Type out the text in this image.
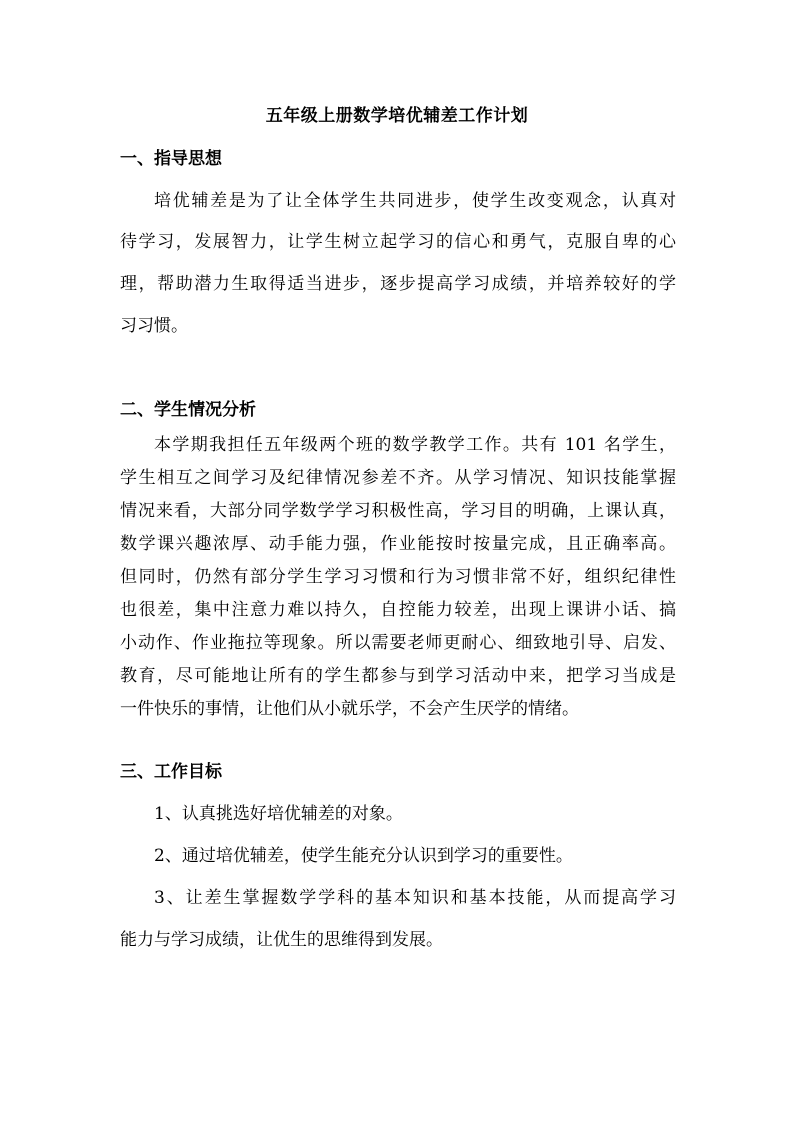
五年级上册数学培优辅差工作计划
一、指导思想
培优辅差是为了让全体学生共同进步，使学生改变观念，认真对
待学习，发展智力，让学生树立起学习的信心和勇气，克服自卑的心
理，帮助潜力生取得适当进步，逐步提高学习成绩，并培养较好的学
习习惯。
二、学生情况分析
本学期我担任五年级两个班的数学教学工作。共有 101 名学生，
学生相互之间学习及纪律情况参差不齐。从学习情况、知识技能掌握
情况来看，大部分同学数学学习积极性高，学习目的明确，上课认真，
数学课兴趣浓厚、动手能力强，作业能按时按量完成，且正确率高。
但同时，仍然有部分学生学习习惯和行为习惯非常不好，组织纪律性
也很差，集中注意力难以持久，自控能力较差，出现上课讲小话、搞
小动作、作业拖拉等现象。所以需要老师更耐心、细致地引导、启发、
教育，尽可能地让所有的学生都参与到学习活动中来，把学习当成是
一件快乐的事情，让他们从小就乐学，不会产生厌学的情绪。
三、工作目标
1、认真挑选好培优辅差的对象。
2、通过培优辅差，使学生能充分认识到学习的重要性。
3、让差生掌握数学学科的基本知识和基本技能，从而提高学习
能力与学习成绩，让优生的思维得到发展。
